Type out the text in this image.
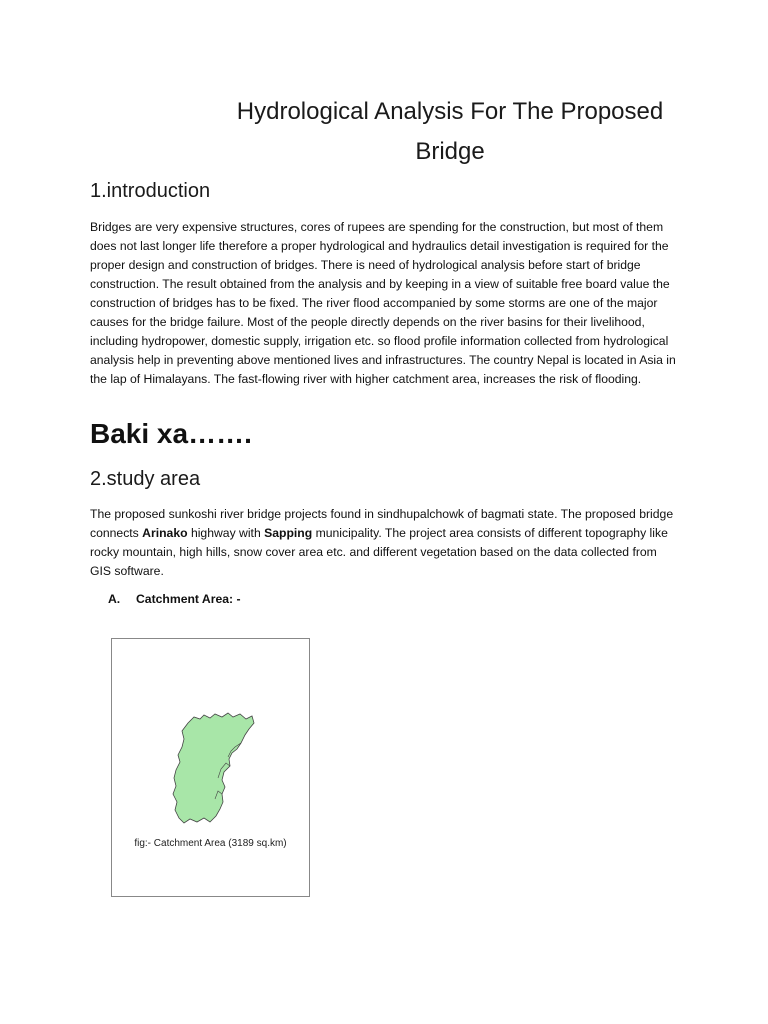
Hydrological Analysis For The Proposed
Bridge
1.introduction

Bridges are very expensive structures, cores of rupees are spending for the construction, but most of them does not last longer life therefore a proper hydrological and hydraulics detail investigation is required for the proper design and construction of bridges. There is need of hydrological analysis before start of bridge construction. The result obtained from the analysis and by keeping in a view of suitable free board value the construction of bridges has to be fixed. The river flood accompanied by some storms are one of the major causes for the bridge failure. Most of the people directly depends on the river basins for their livelihood, including hydropower, domestic supply, irrigation etc. so flood profile information collected from hydrological analysis help in preventing above mentioned lives and infrastructures. The country Nepal is located in Asia in the lap of Himalayans. The fast-flowing river with higher catchment area, increases the risk of flooding.

Baki xa…….
2.study area

The proposed sunkoshi river bridge projects found in sindhupalchowk of bagmati state. The proposed bridge connects Arinako highway with Sapping municipality. The project area consists of different topography like rocky mountain, high hills, snow cover area etc. and different vegetation based on the data collected from GIS software.

A. Catchment Area: -
fig:- Catchment Area (3189 sq.km)
